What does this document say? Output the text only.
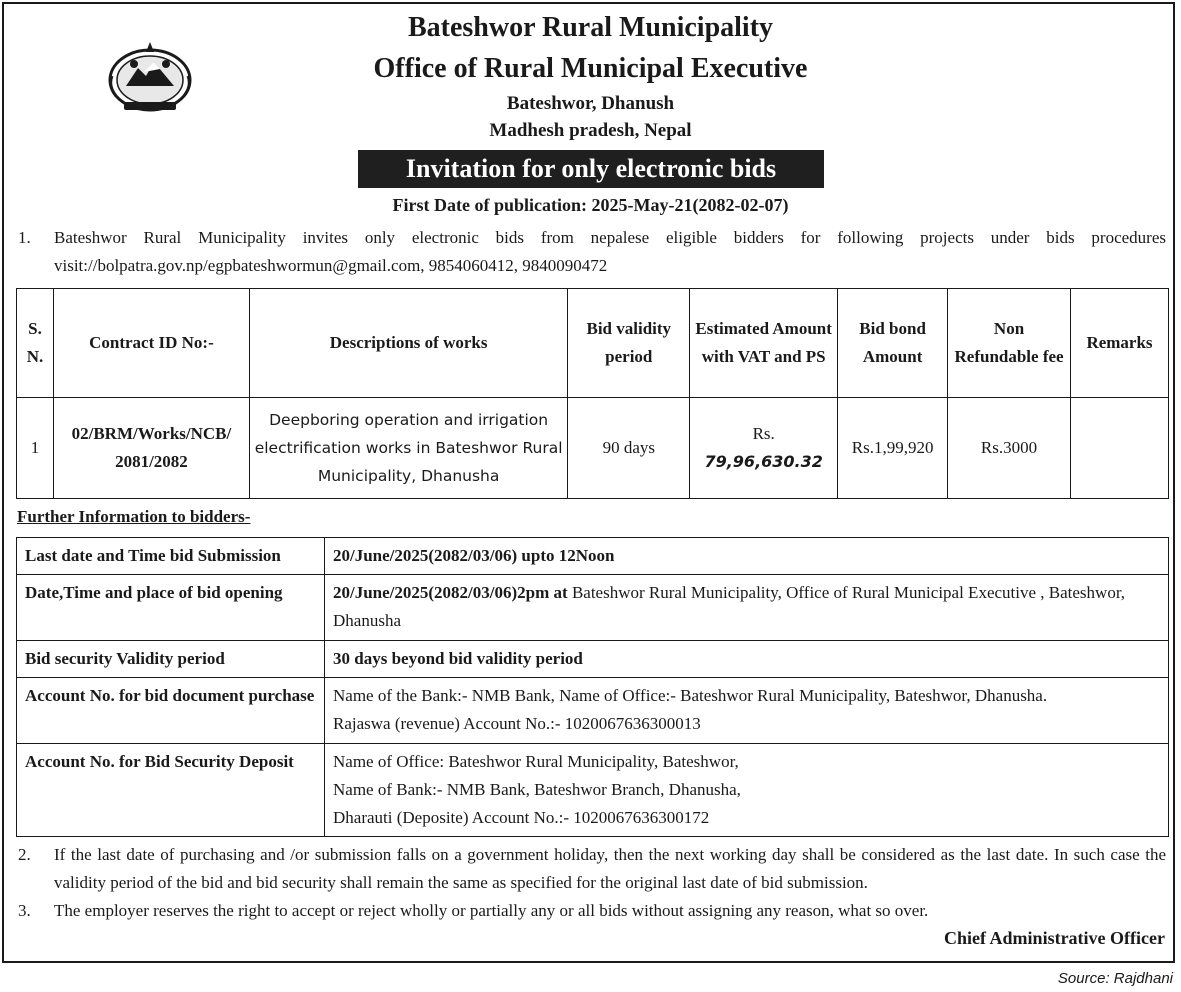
Bateshwor Rural Municipality
Office of Rural Municipal Executive
Bateshwor, Dhanush
Madhesh pradesh, Nepal
Invitation for only electronic bids
First Date of publication: 2025-May-21(2082-02-07)
1. Bateshwor Rural Municipality invites only electronic bids from nepalese eligible bidders for following projects under bids procedures visit://bolpatra.gov.np/egpbateshwormun@gmail.com, 9854060412, 9840090472
S. N.	Contract ID No:-	Descriptions of works	Bid validity period	Estimated Amount with VAT and PS	Bid bond Amount	Non Refundable fee	Remarks
1	02/BRM/Works/NCB/ 2081/2082	Deepboring operation and irrigation electrification works in Bateshwor Rural Municipality, Dhanusha	90 days	Rs. 79,96,630.32	Rs.1,99,920	Rs.3000	
Further Information to bidders-
Last date and Time bid Submission	20/June/2025(2082/03/06) upto 12Noon
Date,Time and place of bid opening	20/June/2025(2082/03/06)2pm at Bateshwor Rural Municipality, Office of Rural Municipal Executive , Bateshwor, Dhanusha
Bid security Validity period	30 days beyond bid validity period
Account No. for bid document purchase	Name of the Bank:- NMB Bank, Name of Office:- Bateshwor Rural Municipality, Bateshwor, Dhanusha.
Rajaswa (revenue) Account No.:- 1020067636300013

Account No. for Bid Security Deposit	Name of Office: Bateshwor Rural Municipality, Bateshwor,
Name of Bank:- NMB Bank, Bateshwor Branch, Dhanusha,
Dharauti (Deposite) Account No.:- 1020067636300172
2. If the last date of purchasing and /or submission falls on a government holiday, then the next working day shall be considered as the last date. In such case the validity period of the bid and bid security shall remain the same as specified for the original last date of bid submission.
3. The employer reserves the right to accept or reject wholly or partially any or all bids without assigning any reason, what so over.
Chief Administrative Officer
Source: Rajdhani
